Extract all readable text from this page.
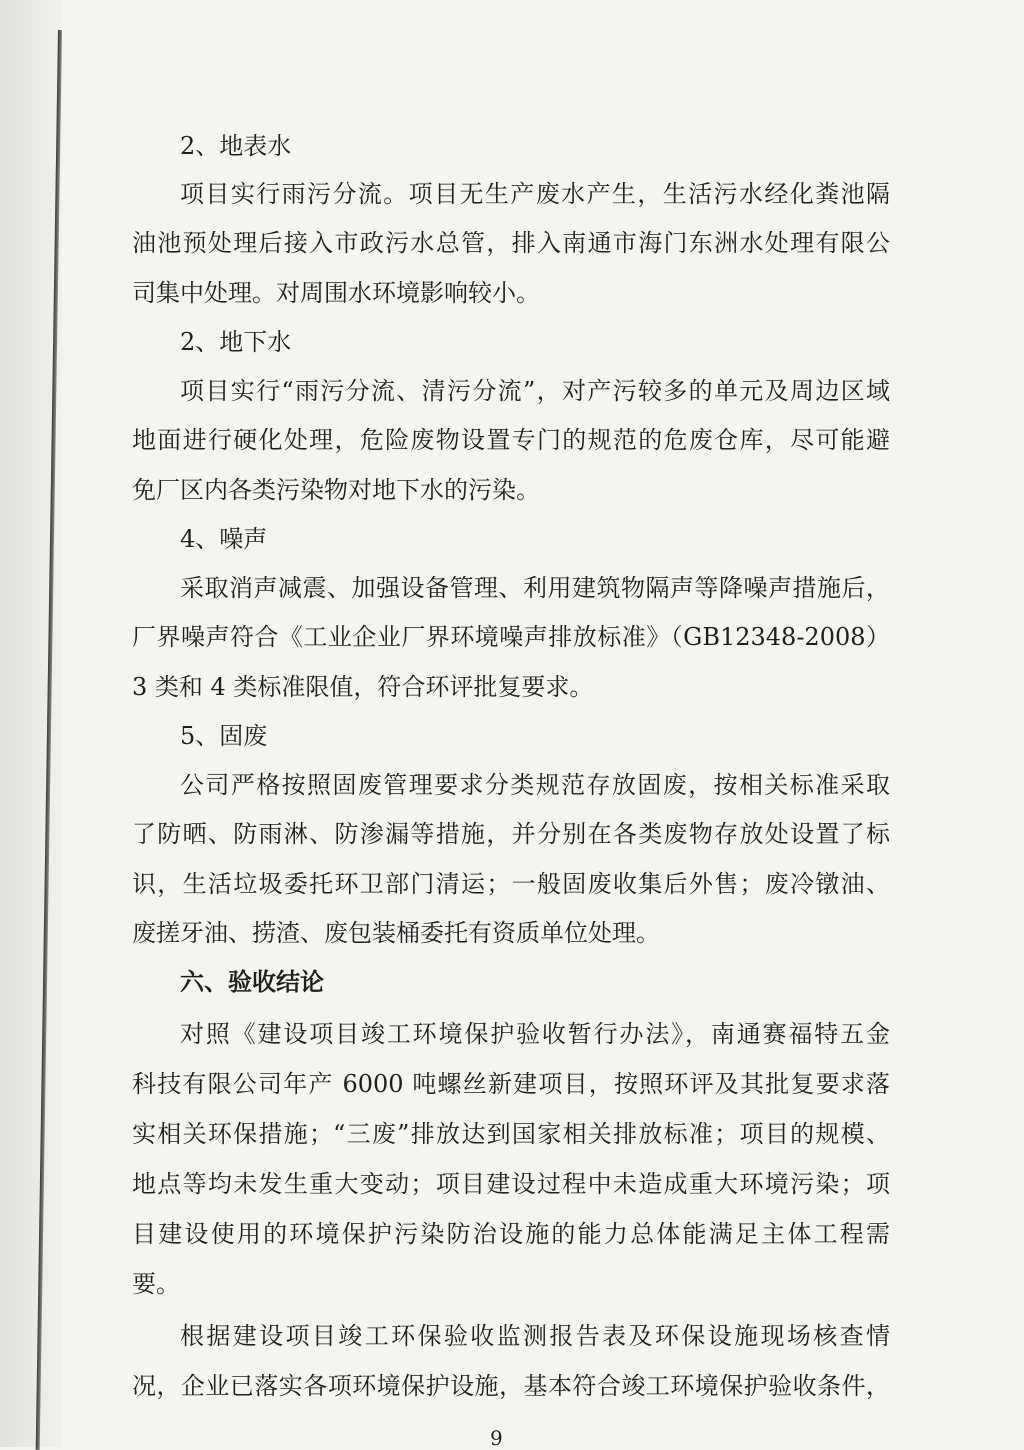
2、地表水
项目实行雨污分流。项目无生产废水产生，生活污水经化粪池隔
油池预处理后接入市政污水总管，排入南通市海门东洲水处理有限公
司集中处理。对周围水环境影响较小。
2、地下水
项目实行“雨污分流、清污分流”，对产污较多的单元及周边区域
地面进行硬化处理，危险废物设置专门的规范的危废仓库，尽可能避
免厂区内各类污染物对地下水的污染。
4、噪声
采取消声减震、加强设备管理、利用建筑物隔声等降噪声措施后，
厂界噪声符合《工业企业厂界环境噪声排放标准》（GB12348-2008）
3 类和 4 类标准限值，符合环评批复要求。
5、固废
公司严格按照固废管理要求分类规范存放固废，按相关标准采取
了防晒、防雨淋、防渗漏等措施，并分别在各类废物存放处设置了标
识，生活垃圾委托环卫部门清运；一般固废收集后外售；废冷镦油、
废搓牙油、捞渣、废包装桶委托有资质单位处理。
六、验收结论
对照《建设项目竣工环境保护验收暂行办法》，南通赛福特五金
科技有限公司年产 6000 吨螺丝新建项目，按照环评及其批复要求落
实相关环保措施；“三废”排放达到国家相关排放标准；项目的规模、
地点等均未发生重大变动；项目建设过程中未造成重大环境污染；项
目建设使用的环境保护污染防治设施的能力总体能满足主体工程需
要。
根据建设项目竣工环保验收监测报告表及环保设施现场核查情
况，企业已落实各项环境保护设施，基本符合竣工环境保护验收条件，
9
